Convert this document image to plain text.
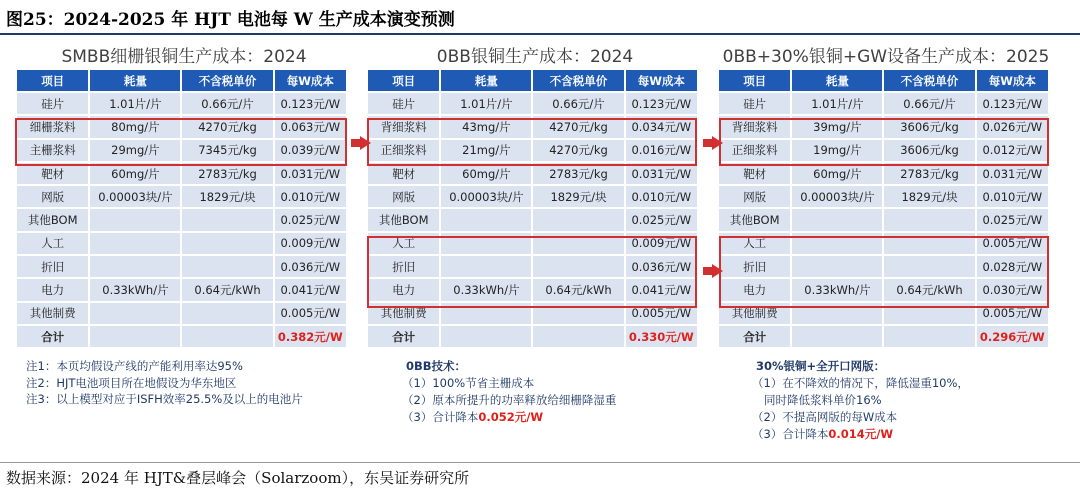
图25：2024-2025 年 HJT 电池每 W 生产成本演变预测
SMBB细栅银铜生产成本：2024
项目	耗量	不含税单价	每W成本
硅片	1.01片/片	0.66元/片	0.123元/W
细栅浆料	80mg/片	4270元/kg	0.063元/W
主栅浆料	29mg/片	7345元/kg	0.039元/W
靶材	60mg/片	2783元/kg	0.031元/W
网版	0.00003块/片	1829元/块	0.010元/W
其他BOM			0.025元/W
人工			0.009元/W
折旧			0.036元/W
电力	0.33kWh/片	0.64元/kWh	0.041元/W
其他制费			0.005元/W
合计			0.382元/W
0BB银铜生产成本：2024
项目	耗量	不含税单价	每W成本
硅片	1.01片/片	0.66元/片	0.123元/W
背细浆料	43mg/片	4270元/kg	0.034元/W
正细浆料	21mg/片	4270元/kg	0.016元/W
靶材	60mg/片	2783元/kg	0.031元/W
网版	0.00003块/片	1829元/块	0.010元/W
其他BOM			0.025元/W
人工			0.009元/W
折旧			0.036元/W
电力	0.33kWh/片	0.64元/kWh	0.041元/W
其他制费			0.005元/W
合计			0.330元/W
0BB+30%银铜+GW设备生产成本：2025
项目	耗量	不含税单价	每W成本
硅片	1.01片/片	0.66元/片	0.123元/W
背细浆料	39mg/片	3606元/kg	0.026元/W
正细浆料	19mg/片	3606元/kg	0.012元/W
靶材	60mg/片	2783元/kg	0.031元/W
网版	0.00003块/片	1829元/块	0.010元/W
其他BOM			0.025元/W
人工			0.005元/W
折旧			0.028元/W
电力	0.33kWh/片	0.64元/kWh	0.030元/W
其他制费			0.005元/W
合计			0.296元/W
注1：本页均假设产线的产能利用率达95%
注2：HJT电池项目所在地假设为华东地区
注3：以上模型对应于ISFH效率25.5%及以上的电池片
0BB技术：
（1）100%节省主栅成本
（2）原本所提升的功率释放给细栅降湿重
（3）合计降本0.052元/W
30%银铜+全开口网版：
（1）在不降效的情况下，降低湿重10%，
同时降低浆料单价16%
（2）不提高网版的每W成本
（3）合计降本0.014元/W
数据来源：2024 年 HJT&叠层峰会（Solarzoom），东吴证券研究所
